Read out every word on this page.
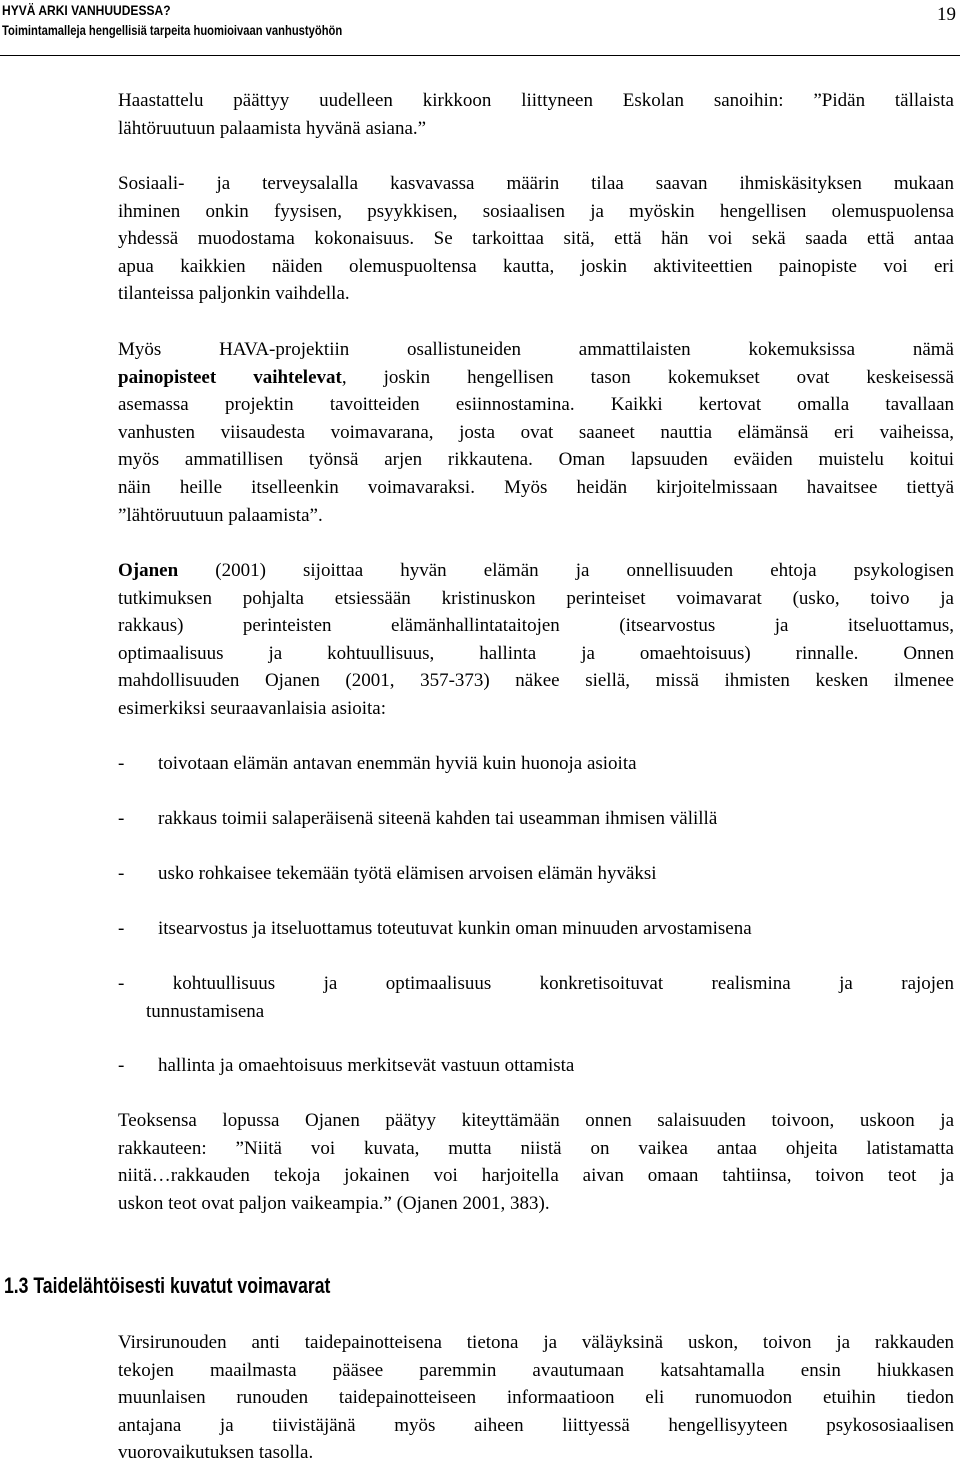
HYVÄ ARKI VANHUUDESSA?
Toimintamalleja hengellisiä tarpeita huomioivaan vanhustyöhön
19
Haastattelu päättyy uudelleen kirkkoon liittyneen Eskolan sanoihin: ”Pidän tällaista
lähtöruutuun palaamista hyvänä asiana.”
Sosiaali- ja terveysalalla kasvavassa määrin tilaa saavan ihmiskäsityksen mukaan
ihminen onkin fyysisen, psyykkisen, sosiaalisen ja myöskin hengellisen olemuspuolensa
yhdessä muodostama kokonaisuus. Se tarkoittaa sitä, että hän voi sekä saada että antaa
apua kaikkien näiden olemuspuoltensa kautta, joskin aktiviteettien painopiste voi eri
tilanteissa paljonkin vaihdella.
Myös HAVA-projektiin osallistuneiden ammattilaisten kokemuksissa nämä
painopisteet vaihtelevat, joskin hengellisen tason kokemukset ovat keskeisessä
asemassa projektin tavoitteiden esiinnostamina. Kaikki kertovat omalla tavallaan
vanhusten viisaudesta voimavarana, josta ovat saaneet nauttia elämänsä eri vaiheissa,
myös ammatillisen työnsä arjen rikkautena. Oman lapsuuden eväiden muistelu koitui
näin heille itselleenkin voimavaraksi. Myös heidän kirjoitelmissaan havaitsee tiettyä
”lähtöruutuun palaamista”.
Ojanen (2001) sijoittaa hyvän elämän ja onnellisuuden ehtoja psykologisen
tutkimuksen pohjalta etsiessään kristinuskon perinteiset voimavarat (usko, toivo ja
rakkaus) perinteisten elämänhallintataitojen (itsearvostus ja itseluottamus,
optimaalisuus ja kohtuullisuus, hallinta ja omaehtoisuus) rinnalle. Onnen
mahdollisuuden Ojanen (2001, 357-373) näkee siellä, missä ihmisten kesken ilmenee
esimerkiksi seuraavanlaisia asioita:
- toivotaan elämän antavan enemmän hyviä kuin huonoja asioita
- rakkaus toimii salaperäisenä siteenä kahden tai useamman ihmisen välillä
- usko rohkaisee tekemään työtä elämisen arvoisen elämän hyväksi
- itsearvostus ja itseluottamus toteutuvat kunkin oman minuuden arvostamisena
- kohtuullisuus ja optimaalisuus konkretisoituvat realismina ja rajojen
tunnustamisena
- hallinta ja omaehtoisuus merkitsevät vastuun ottamista
Teoksensa lopussa Ojanen päätyy kiteyttämään onnen salaisuuden toivoon, uskoon ja
rakkauteen: ”Niitä voi kuvata, mutta niistä on vaikea antaa ohjeita latistamatta
niitä…rakkauden tekoja jokainen voi harjoitella aivan omaan tahtiinsa, toivon teot ja
uskon teot ovat paljon vaikeampia.” (Ojanen 2001, 383).
Virsirunouden anti taidepainotteisena tietona ja väläyksinä uskon, toivon ja rakkauden
tekojen maailmasta pääsee paremmin avautumaan katsahtamalla ensin hiukkasen
muunlaisen runouden taidepainotteiseen informaatioon eli runomuodon etuihin tiedon
antajana ja tiivistäjänä myös aiheen liittyessä hengellisyyteen psykososiaalisen
vuorovaikutuksen tasolla.
1.3 Taidelähtöisesti kuvatut voimavarat
